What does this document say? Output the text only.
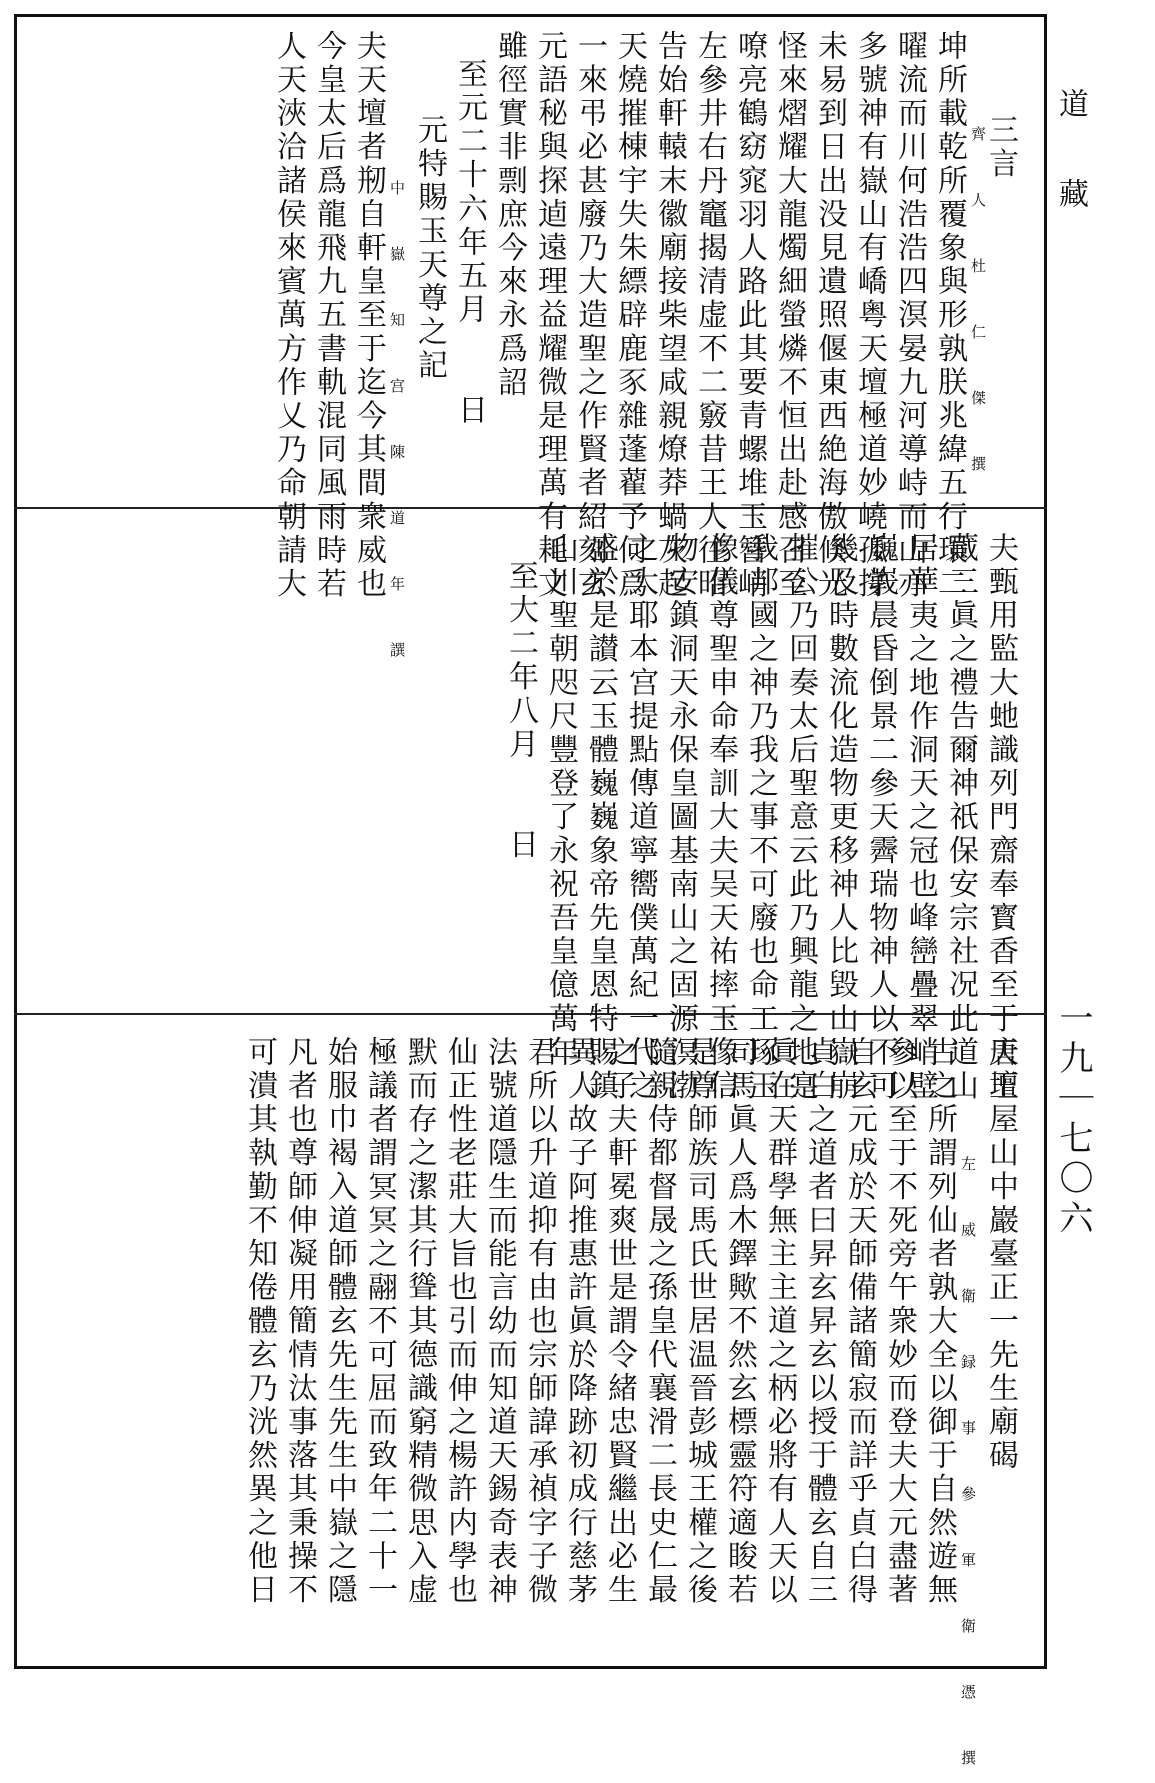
道　　藏
一九｜七〇六
三言
齊　人　杜　仁　傑　撰
坤所載乾所覆象與形孰朕兆緯五行環二
曜流而川何浩浩四溟晏九河導峙而山亦
多號神有嶽山有嶠粤天壇極道妙嶢孤撐
未易到日出没見遺照偃東西絶海傲倏光
怪來熠耀大龍燭細螢燐不恒出赴感召至
嘹亮鶴窈窕羽人路此其要青螺堆玉簪峭
左參井右丹竈揭清虚不二竅昔王人往昭
告始軒轅末徽廟接柴望咸親燎莽蝸灰起
天燒摧棟宇失朱縹辟鹿豕雜蓬藋予何爲
一來弔必甚廢乃大造聖之作賢者紹刻玄
元語秘與探逌遠理益耀微是理萬有耗文
雖徑實非剽庶今來永爲詔
至元二十六年五月　　日
元特賜玉天尊之記
中　嶽　知　宫　陳　道　年　譔
夫天壇者剏自軒皇至于迄今其間衆威也
今皇太后爲龍飛九五書軌混同風雨時若
人天浹洽諸侯來賓萬方作乂乃命朝請大
夫甄用監大虵識列門齋奉寳香至于天壇
蔵三眞之禮告爾神祇保安宗社况此道山
居華夷之地作洞天之冠也峰巒疊翠峭壁
巍峩晨昏倒景二參天霽瑞物神人以不可
幾及時數流化造物更移神人比毀山嶽崩
摧公乃回奏太后聖意云此乃興龍之地寔
我邦國之神乃我之事不可廢也命工琢玉
像儀尊聖申命奉訓大夫吴天祐摔玉像信
物安鎮洞天永保皇圖基南山之固源溟渤
之大耶本宫提點傳道寧嚮僕萬紀一代之
盛於是讃云玉體巍巍象帝先皇恩特賜鎮
山川聖朝咫尺豐登了永祝吾皇億萬年
至大二年八月　　日
唐王屋山中巖臺正一先生廟碣
左　威　衛　録　事　參　軍　衛　憑　撰
古之所謂列仙者孰大全以御于自然遊無
參以至于不死旁午衆妙而登夫大元盡著
自玄元成於天師備諸簡寂而詳乎貞白得
貞白之道者曰昇玄昇玄以授于體玄自三
眞在天群學無主主道之柄必將有人天以
司馬眞人爲木鐸歟不然玄標靈符適睃若
是尊師族司馬氏世居温晉彭城王權之後
隨親侍都督晟之孫皇代襄滑二長史仁最
之子夫軒冕爽世是謂令緒忠賢繼出必生
異人故子阿推惠許眞於降跡初成行慈茅
君所以升道抑有由也宗師諱承禎字子微
法號道隱生而能言幼而知道天錫奇表神
仙正性老莊大旨也引而伸之楊許内學也
默而存之潔其行聳其德識窮精微思入虚
極議者謂冥冥之翮不可屈而致年二十一
始服巾褐入道師體玄先生先生中嶽之隱
凡者也尊師伸凝用簡情汰事落其秉操不
可潰其執勤不知倦體玄乃洸然異之他日
